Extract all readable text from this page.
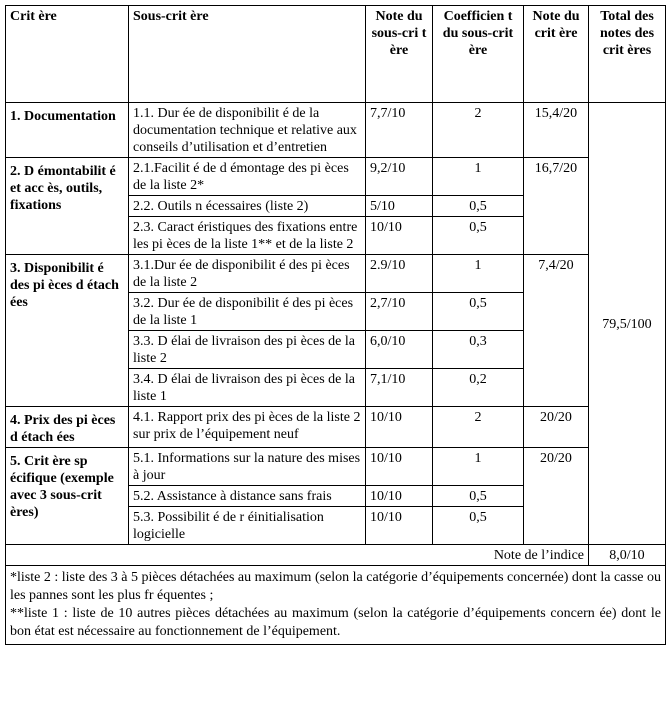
Crit ère	Sous-crit ère	Note du sous-cri t ère	Coefficien t du sous-crit ère	Note du crit ère	Total des notes des crit ères
1. Documentation	1.1. Dur ée de disponibilit é de la documentation technique et relative aux conseils d’utilisation et d’entretien	7,7/10	2	15,4/20	79,5/100
2. D émontabilit é et acc ès, outils, fixations	2.1.Facilit é de d émontage des pi èces de la liste 2*	9,2/10	1	16,7/20	
	2.2. Outils n écessaires (liste 2)	5/10	0,5		
	2.3. Caract éristiques des fixations entre les pi èces de la liste 1** et de la liste 2	10/10	0,5		
3. Disponibilit é des pi èces d étach ées	3.1.Dur ée de disponibilit é des pi èces de la liste 2	2.9/10	1	7,4/20	
	3.2. Dur ée de disponibilit é des pi èces de la liste 1	2,7/10	0,5		
	3.3. D élai de livraison des pi èces de la liste 2	6,0/10	0,3		
	3.4. D élai de livraison des pi èces de la liste 1	7,1/10	0,2		
4. Prix des pi èces d étach ées	4.1. Rapport prix des pi èces de la liste 2 sur prix de l’équipement neuf	10/10	2	20/20	
5. Crit ère sp écifique (exemple avec 3 sous-crit ères)	5.1. Informations sur la nature des mises à jour	10/10	1	20/20	
	5.2. Assistance à distance sans frais	10/10	0,5		
	5.3. Possibilit é de r éinitialisation logicielle	10/10	0,5		
Note de l’indice					8,0/10

*liste 2 : liste des 3 à 5 pièces détachées au maximum (selon la catégorie d’équipements concernée) dont la casse ou les pannes sont les plus fr équentes ;
**liste 1 : liste de 10 autres pièces détachées au maximum (selon la catégorie d’équipements concern ée) dont le bon état est nécessaire au fonctionnement de l’équipement.					
